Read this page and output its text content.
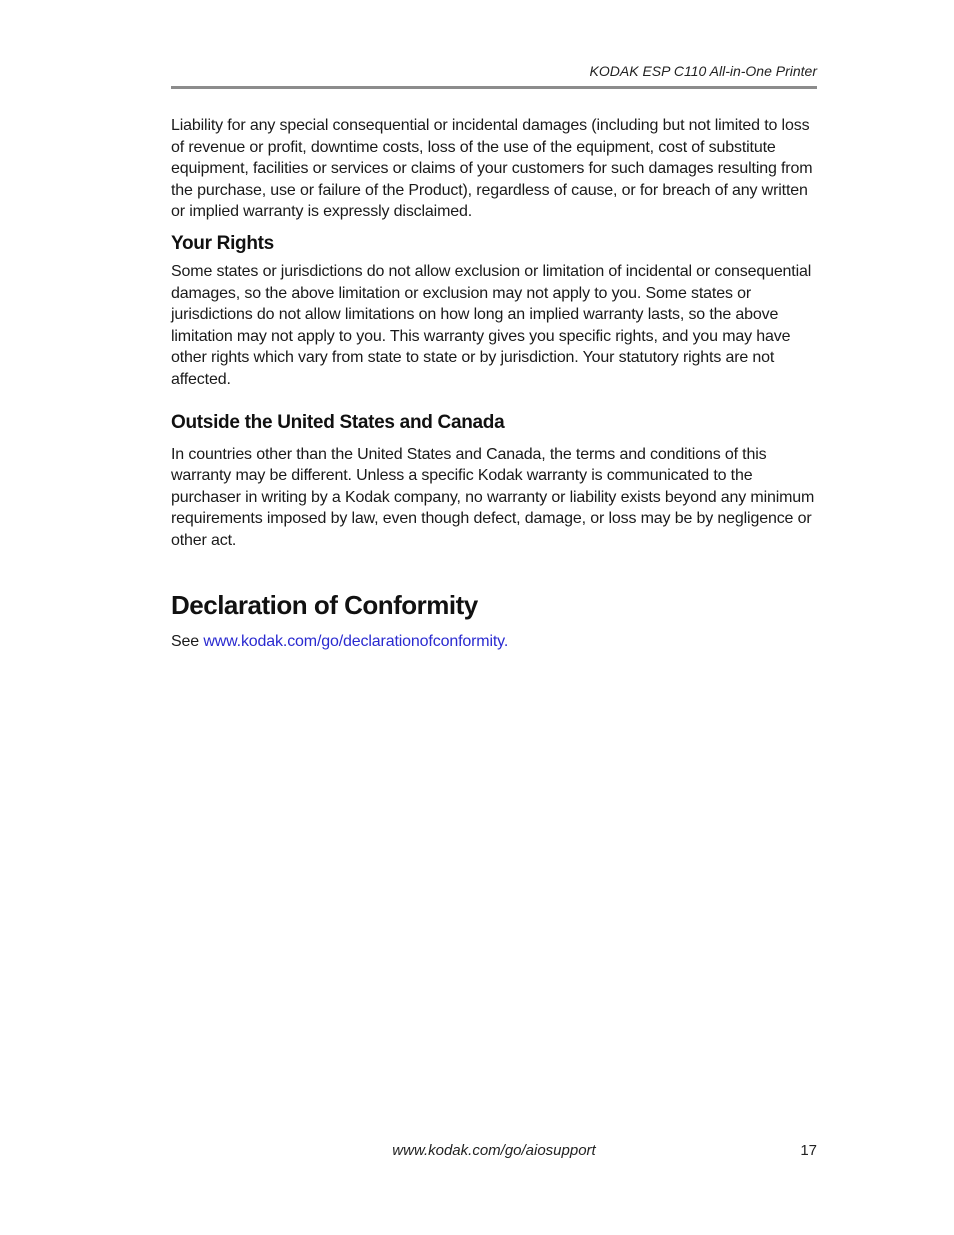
KODAK ESP C110 All-in-One Printer

Liability for any special consequential or incidental damages (including but not limited to loss of revenue or profit, downtime costs, loss of the use of the equipment, cost of substitute equipment, facilities or services or claims of your customers for such damages resulting from the purchase, use or failure of the Product), regardless of cause, or for breach of any written or implied warranty is expressly disclaimed.

Your Rights

Some states or jurisdictions do not allow exclusion or limitation of incidental or consequential damages, so the above limitation or exclusion may not apply to you. Some states or jurisdictions do not allow limitations on how long an implied warranty lasts, so the above limitation may not apply to you. This warranty gives you specific rights, and you may have other rights which vary from state to state or by jurisdiction. Your statutory rights are not affected.

Outside the United States and Canada

In countries other than the United States and Canada, the terms and conditions of this warranty may be different. Unless a specific Kodak warranty is communicated to the purchaser in writing by a Kodak company, no warranty or liability exists beyond any minimum requirements imposed by law, even though defect, damage, or loss may be by negligence or other act.

Declaration of Conformity

See www.kodak.com/go/declarationofconformity.

www.kodak.com/go/aiosupport	17
